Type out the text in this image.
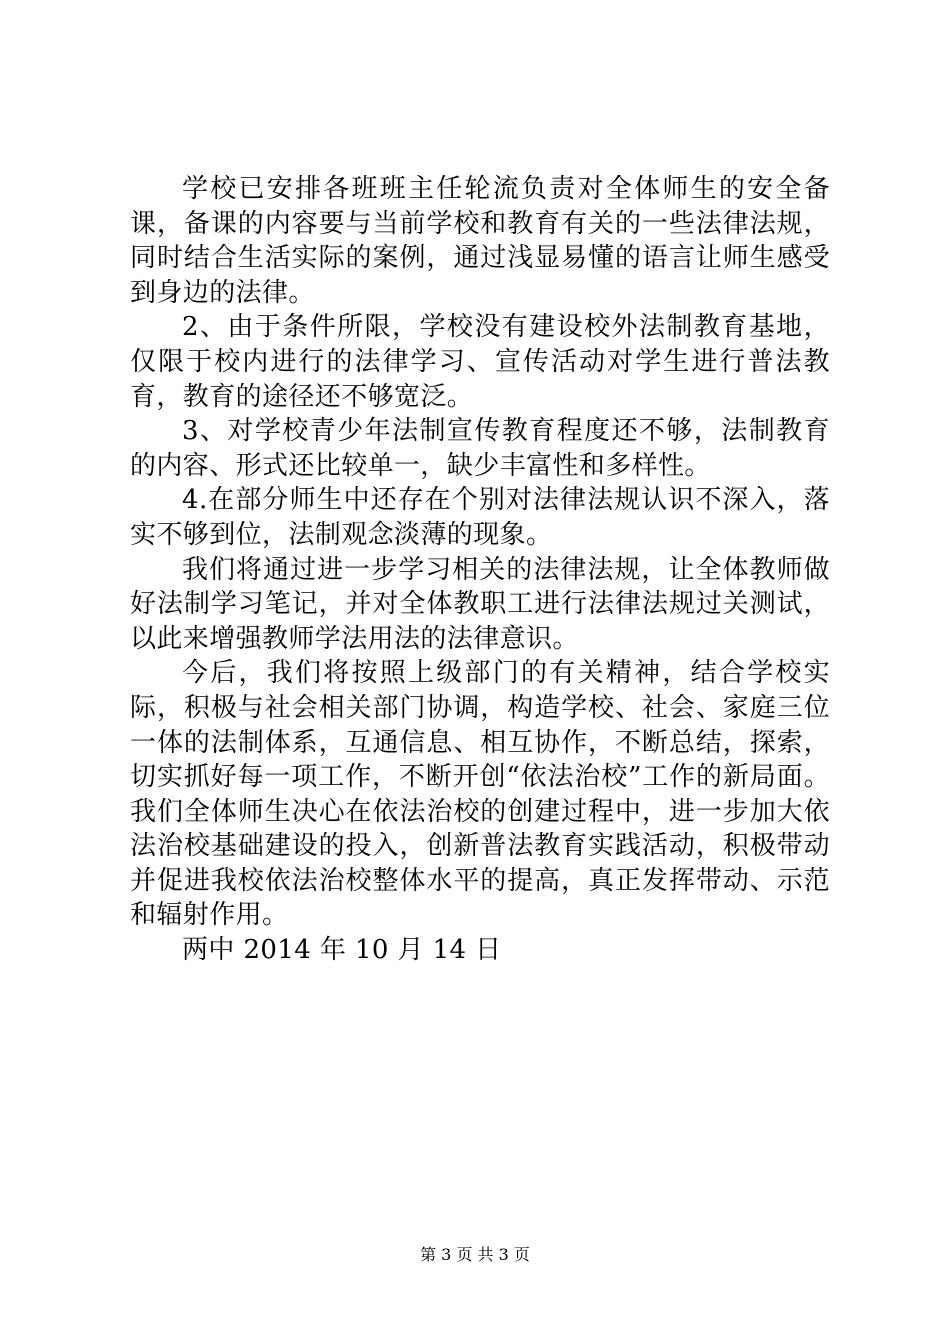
学校已安排各班班主任轮流负责对全体师生的安全备课，备课的内容要与当前学校和教育有关的一些法律法规，同时结合生活实际的案例，通过浅显易懂的语言让师生感受到身边的法律。

2、由于条件所限，学校没有建设校外法制教育基地，仅限于校内进行的法律学习、宣传活动对学生进行普法教育，教育的途径还不够宽泛。

3、对学校青少年法制宣传教育程度还不够，法制教育的内容、形式还比较单一，缺少丰富性和多样性。

4.在部分师生中还存在个别对法律法规认识不深入，落实不够到位，法制观念淡薄的现象。

我们将通过进一步学习相关的法律法规，让全体教师做好法制学习笔记，并对全体教职工进行法律法规过关测试，以此来增强教师学法用法的法律意识。

今后，我们将按照上级部门的有关精神，结合学校实际，积极与社会相关部门协调，构造学校、社会、家庭三位一体的法制体系，互通信息、相互协作，不断总结，探索，切实抓好每一项工作，不断开创“依法治校”工作的新局面。我们全体师生决心在依法治校的创建过程中，进一步加大依法治校基础建设的投入，创新普法教育实践活动，积极带动并促进我校依法治校整体水平的提高，真正发挥带动、示范和辐射作用。

两中 2014 年 10 月 14 日

第 3 页 共 3 页
